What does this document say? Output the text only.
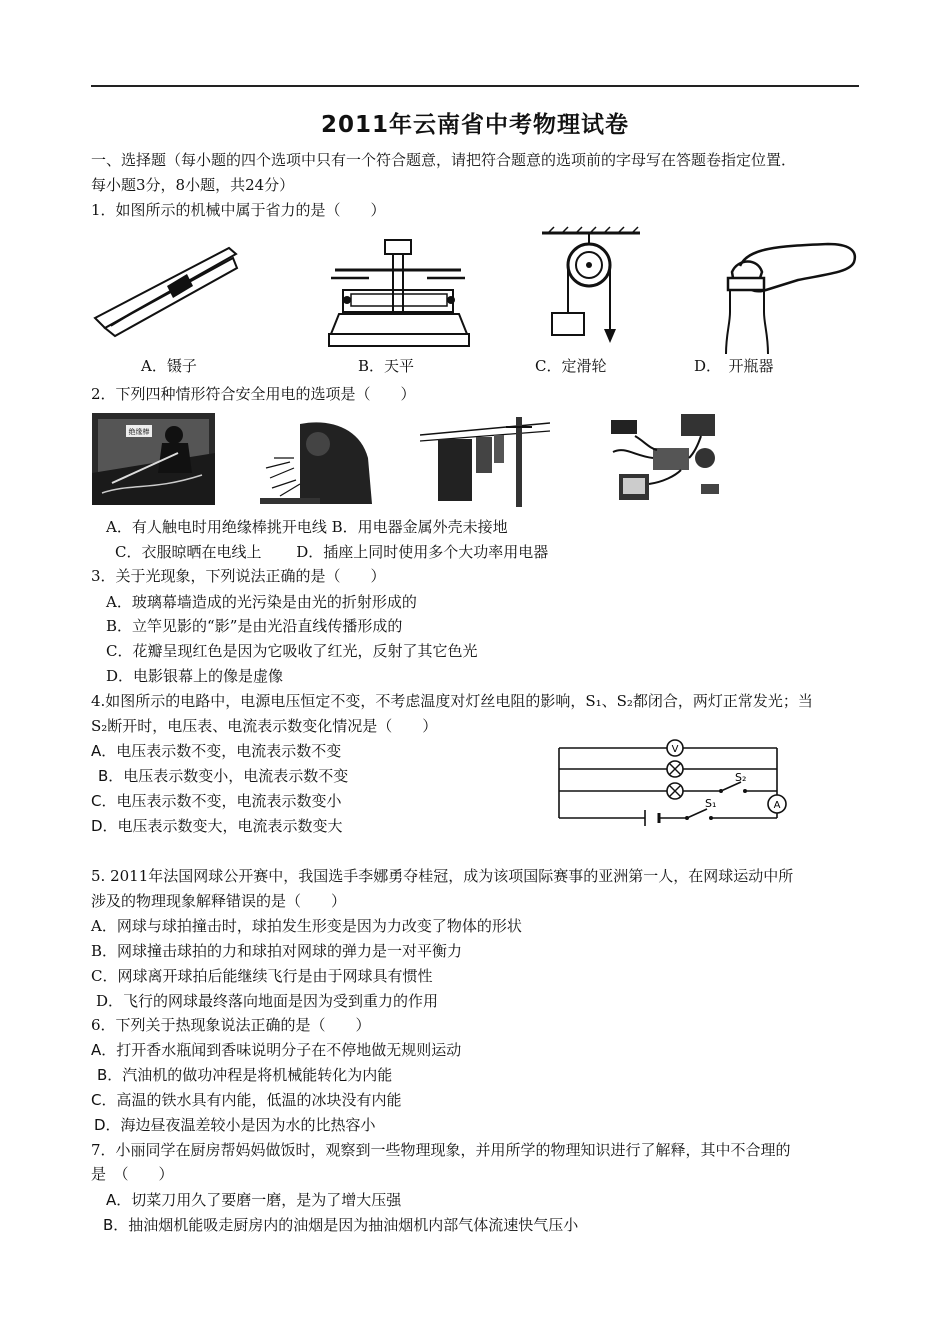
2011年云南省中考物理试卷
一、选择题（每小题的四个选项中只有一个符合题意，请把符合题意的选项前的字母写在答题卷指定位置．
每小题3分，8小题，共24分）
1．如图所示的机械中属于省力的是（　　）
A．镊子	B．天平	C．定滑轮	D．　开瓶器
2．下列四种情形符合安全用电的选项是（　　）
绝缘棒
A．有人触电时用绝缘棒挑开电线 B．用电器金属外壳未接地
C．衣服晾晒在电线上　　 D．插座上同时使用多个大功率用电器
3．关于光现象，下列说法正确的是（　　）
A．玻璃幕墙造成的光污染是由光的折射形成的
B．立竿见影的“影”是由光沿直线传播形成的
C．花瓣呈现红色是因为它吸收了红光，反射了其它色光
D．电影银幕上的像是虚像
4.如图所示的电路中，电源电压恒定不变，不考虑温度对灯丝电阻的影响，S₁、S₂都闭合，两灯正常发光；当
S₂断开时，电压表、电流表示数变化情况是（　　）
A．电压表示数不变，电流表示数不变
B．电压表示数变小，电流表示数不变
C．电压表示数不变，电流表示数变小
D．电压表示数变大，电流表示数变大
V
A
S₂
S₁
5. 2011年法国网球公开赛中，我国选手李娜勇夺桂冠，成为该项国际赛事的亚洲第一人，在网球运动中所
涉及的物理现象解释错误的是（　　）
A．网球与球拍撞击时，球拍发生形变是因为力改变了物体的形状
B．网球撞击球拍的力和球拍对网球的弹力是一对平衡力
C．网球离开球拍后能继续飞行是由于网球具有惯性
D．飞行的网球最终落向地面是因为受到重力的作用
6．下列关于热现象说法正确的是（　　）
A．打开香水瓶闻到香味说明分子在不停地做无规则运动
B．汽油机的做功冲程是将机械能转化为内能
C．高温的铁水具有内能，低温的冰块没有内能
D．海边昼夜温差较小是因为水的比热容小
7．小丽同学在厨房帮妈妈做饭时，观察到一些物理现象，并用所学的物理知识进行了解释，其中不合理的
是　（　　）
A．切菜刀用久了要磨一磨，是为了增大压强
B．抽油烟机能吸走厨房内的油烟是因为抽油烟机内部气体流速快气压小
